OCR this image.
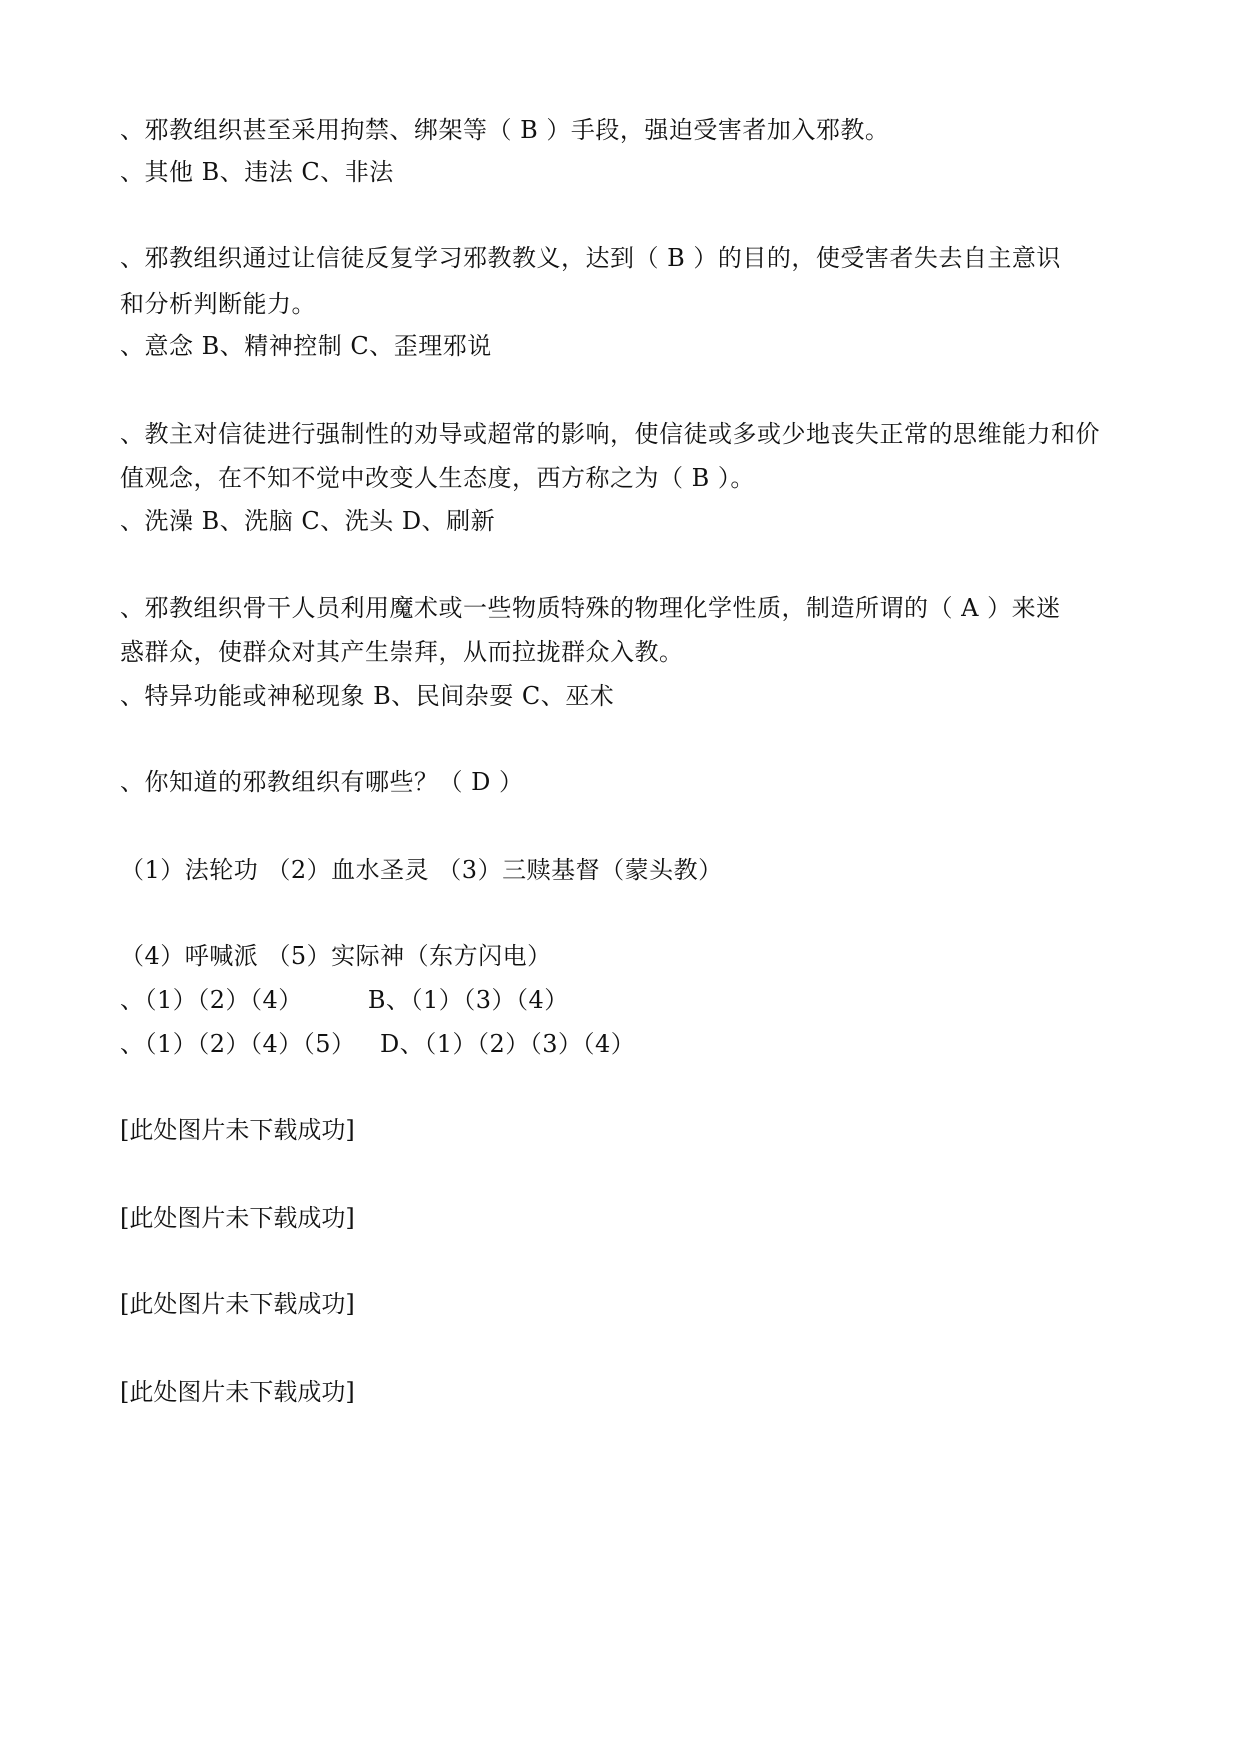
、邪教组织甚至采用拘禁、绑架等（ B ）手段，强迫受害者加入邪教。
、其他 B、违法 C、非法
、邪教组织通过让信徒反复学习邪教教义，达到（ B ）的目的，使受害者失去自主意识
和分析判断能力。
、意念 B、精神控制 C、歪理邪说
、教主对信徒进行强制性的劝导或超常的影响，使信徒或多或少地丧失正常的思维能力和价
值观念，在不知不觉中改变人生态度，西方称之为（ B ）。
、洗澡 B、洗脑 C、洗头 D、刷新
、邪教组织骨干人员利用魔术或一些物质特殊的物理化学性质，制造所谓的（ A ）来迷
惑群众，使群众对其产生崇拜，从而拉拢群众入教。
、特异功能或神秘现象 B、民间杂耍 C、巫术
、你知道的邪教组织有哪些？（ D ）
（1）法轮功 （2）血水圣灵 （3）三赎基督（蒙头教）
（4）呼喊派 （5）实际神（东方闪电）
、（1）（2）（4）        B、（1）（3）（4）
、（1）（2）（4）（5）   D、（1）（2）（3）（4）
[此处图片未下载成功]
[此处图片未下载成功]
[此处图片未下载成功]
[此处图片未下载成功]
